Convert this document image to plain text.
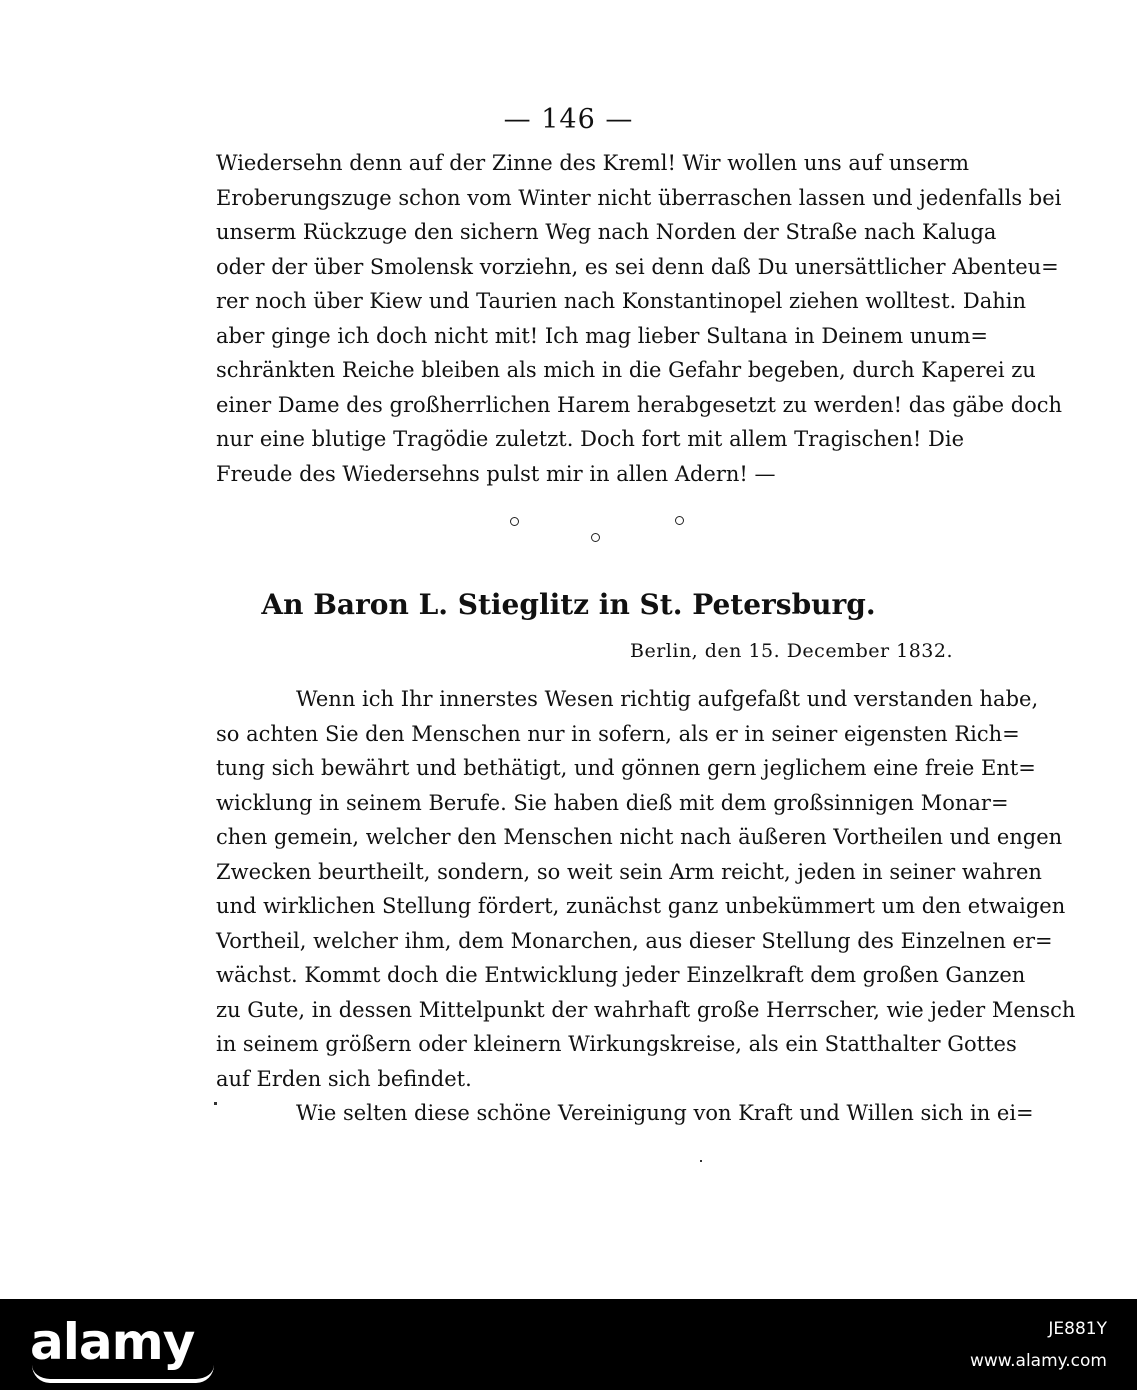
— 146 —
Wiedersehn denn auf der Zinne des Kreml! Wir wollen uns auf unserm
Eroberungszuge schon vom Winter nicht überraschen lassen und jedenfalls bei
unserm Rückzuge den sichern Weg nach Norden der Straße nach Kaluga
oder der über Smolensk vorziehn, es sei denn daß Du unersättlicher Abenteu=
rer noch über Kiew und Taurien nach Konstantinopel ziehen wolltest. Dahin
aber ginge ich doch nicht mit! Ich mag lieber Sultana in Deinem unum=
schränkten Reiche bleiben als mich in die Gefahr begeben, durch Kaperei zu
einer Dame des großherrlichen Harem herabgesetzt zu werden! das gäbe doch
nur eine blutige Tragödie zuletzt. Doch fort mit allem Tragischen! Die
Freude des Wiedersehns pulst mir in allen Adern! —
An Baron L. Stieglitz in St. Petersburg.
Berlin, den 15. December 1832.
Wenn ich Ihr innerstes Wesen richtig aufgefaßt und verstanden habe,
so achten Sie den Menschen nur in sofern, als er in seiner eigensten Rich=
tung sich bewährt und bethätigt, und gönnen gern jeglichem eine freie Ent=
wicklung in seinem Berufe. Sie haben dieß mit dem großsinnigen Monar=
chen gemein, welcher den Menschen nicht nach äußeren Vortheilen und engen
Zwecken beurtheilt, sondern, so weit sein Arm reicht, jeden in seiner wahren
und wirklichen Stellung fördert, zunächst ganz unbekümmert um den etwaigen
Vortheil, welcher ihm, dem Monarchen, aus dieser Stellung des Einzelnen er=
wächst. Kommt doch die Entwicklung jeder Einzelkraft dem großen Ganzen
zu Gute, in dessen Mittelpunkt der wahrhaft große Herrscher, wie jeder Mensch
in seinem größern oder kleinern Wirkungskreise, als ein Statthalter Gottes
auf Erden sich befindet.
Wie selten diese schöne Vereinigung von Kraft und Willen sich in ei=
alamy	JE881Y
www.alamy.com
